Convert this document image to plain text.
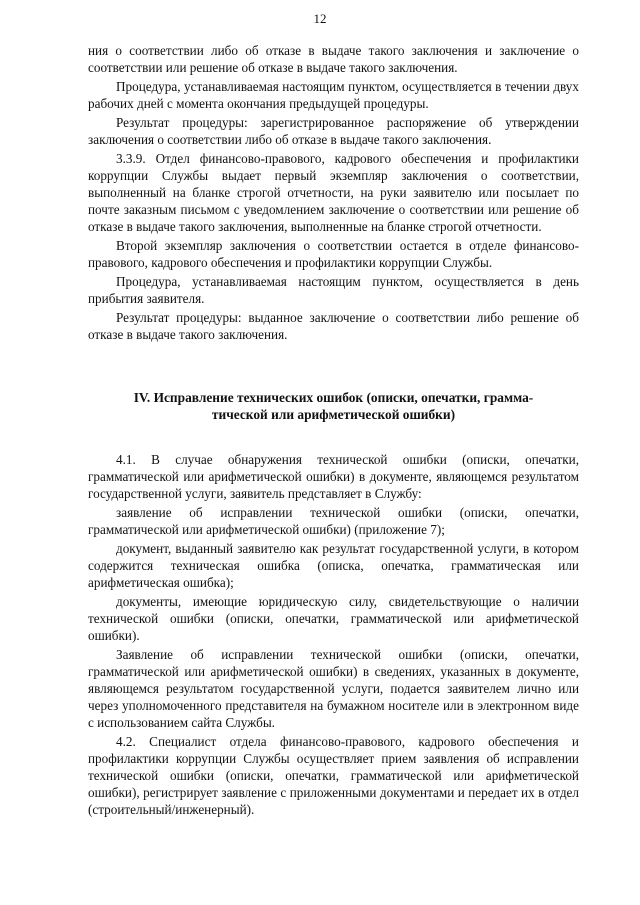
12

ния о соответствии либо об отказе в выдаче такого заключения и заключение о соответствии или решение об отказе в выдаче такого заключения.

Процедура, устанавливаемая настоящим пунктом, осуществляется в течении двух рабочих дней с момента окончания предыдущей процедуры.

Результат процедуры: зарегистрированное распоряжение об утверждении заключения о соответствии либо об отказе в выдаче такого заключения.

3.3.9. Отдел финансово-правового, кадрового обеспечения и профилактики коррупции Службы выдает первый экземпляр заключения о соответствии, выполненный на бланке строгой отчетности, на руки заявителю или посылает по почте заказным письмом с уведомлением заключение о соответствии или решение об отказе в выдаче такого заключения, выполненные на бланке строгой отчетности.

Второй экземпляр заключения о соответствии остается в отделе финансово-правового, кадрового обеспечения и профилактики коррупции Службы.

Процедура, устанавливаемая настоящим пунктом, осуществляется в день прибытия заявителя.

Результат процедуры: выданное заключение о соответствии либо решение об отказе в выдаче такого заключения.

IV. Исправление технических ошибок (описки, опечатки, грамма-
тической или арифметической ошибки)

4.1. В случае обнаружения технической ошибки (описки, опечатки, грамматической или арифметической ошибки) в документе, являющемся результатом государственной услуги, заявитель представляет в Службу:

заявление об исправлении технической ошибки (описки, опечатки, грамматической или арифметической ошибки) (приложение 7);

документ, выданный заявителю как результат государственной услуги, в котором содержится техническая ошибка (описка, опечатка, грамматическая или арифметическая ошибка);

документы, имеющие юридическую силу, свидетельствующие о наличии технической ошибки (описки, опечатки, грамматической или арифметической ошибки).

Заявление об исправлении технической ошибки (описки, опечатки, грамматической или арифметической ошибки) в сведениях, указанных в документе, являющемся результатом государственной услуги, подается заявителем лично или через уполномоченного представителя на бумажном носителе или в электронном виде с использованием сайта Службы.

4.2. Специалист отдела финансово-правового, кадрового обеспечения и профилактики коррупции Службы осуществляет прием заявления об исправлении технической ошибки (описки, опечатки, грамматической или арифметической ошибки), регистрирует заявление с приложенными документами и передает их в отдел (строительный/инженерный).
